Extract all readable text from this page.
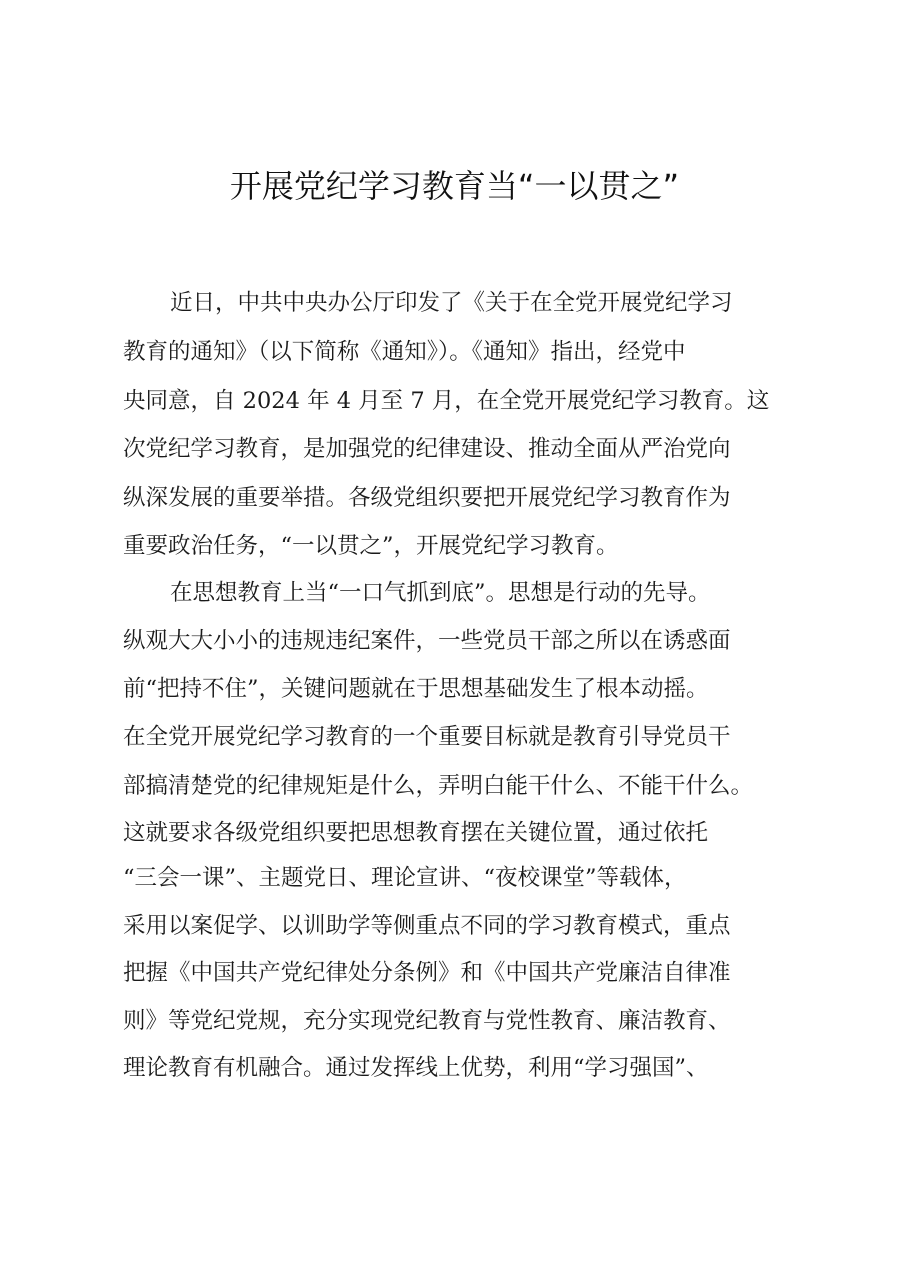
开展党纪学习教育当“一以贯之”
近日，中共中央办公厅印发了《关于在全党开展党纪学习
教育的通知》（以下简称《通知》）。《通知》指出，经党中
央同意，自 2024 年 4 月至 7 月，在全党开展党纪学习教育。这
次党纪学习教育，是加强党的纪律建设、推动全面从严治党向
纵深发展的重要举措。各级党组织要把开展党纪学习教育作为
重要政治任务，“一以贯之”，开展党纪学习教育。
在思想教育上当“一口气抓到底”。思想是行动的先导。
纵观大大小小的违规违纪案件，一些党员干部之所以在诱惑面
前“把持不住”，关键问题就在于思想基础发生了根本动摇。
在全党开展党纪学习教育的一个重要目标就是教育引导党员干
部搞清楚党的纪律规矩是什么，弄明白能干什么、不能干什么。
这就要求各级党组织要把思想教育摆在关键位置，通过依托
“三会一课”、主题党日、理论宣讲、“夜校课堂”等载体，
采用以案促学、以训助学等侧重点不同的学习教育模式，重点
把握《中国共产党纪律处分条例》和《中国共产党廉洁自律准
则》等党纪党规，充分实现党纪教育与党性教育、廉洁教育、
理论教育有机融合。通过发挥线上优势，利用“学习强国”、
